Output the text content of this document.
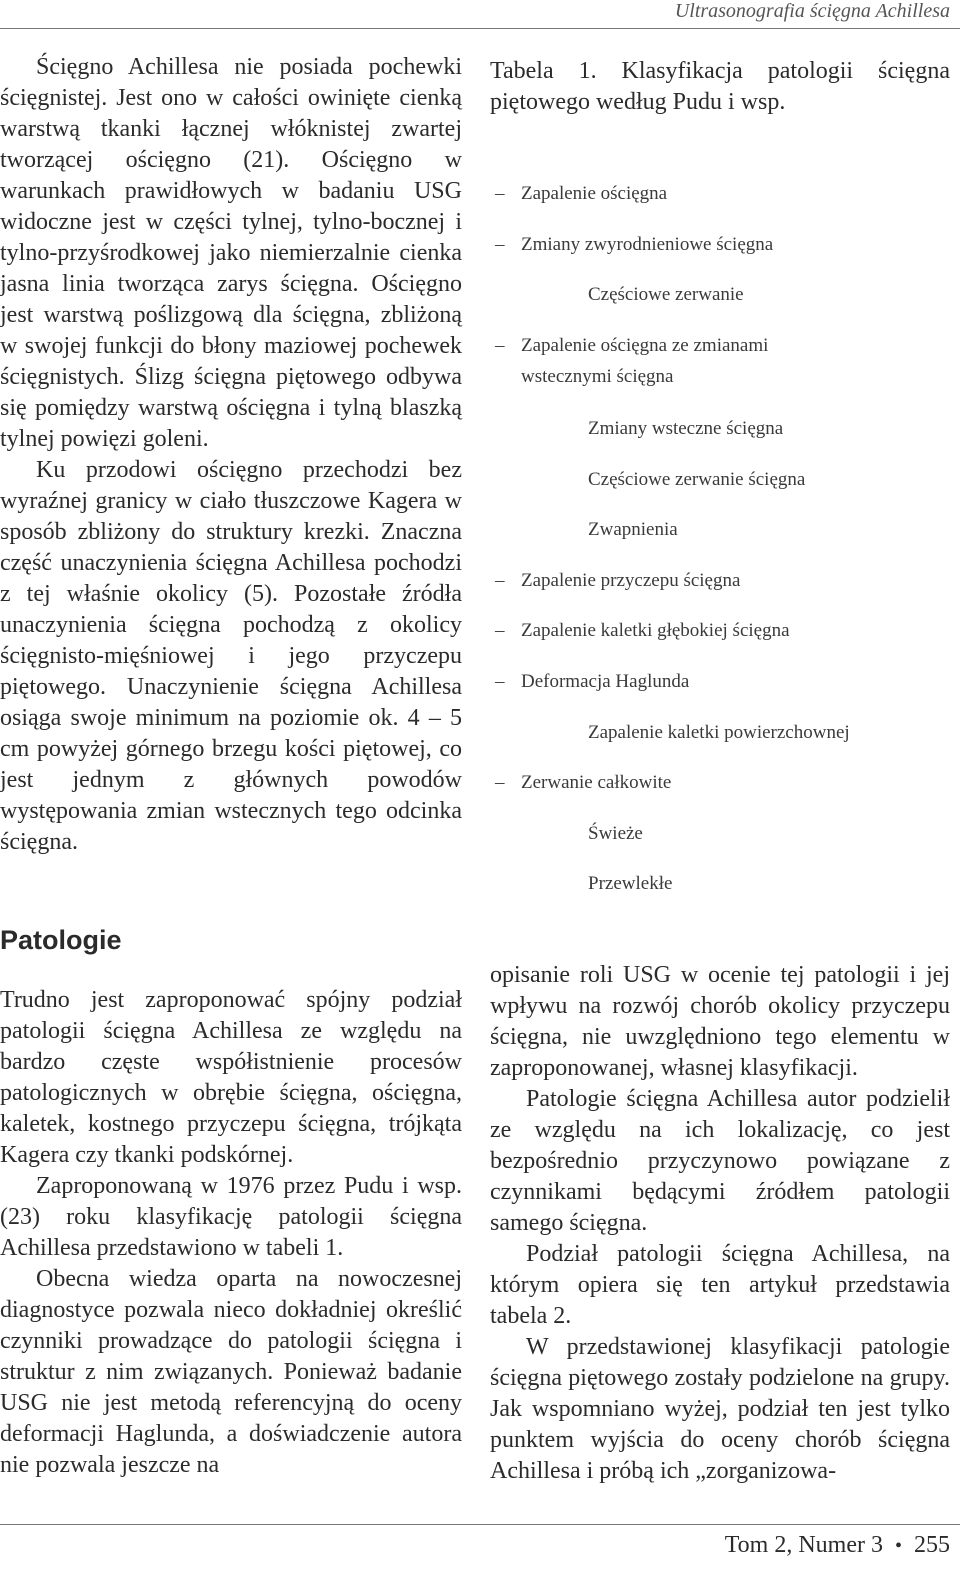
Ultrasonografia ścięgna Achillesa

Ścięgno Achillesa nie posiada pochewki ścięgnistej. Jest ono w całości owinięte cienką warstwą tkanki łącznej włóknistej zwartej tworzącej ościęgno (21). Ościęgno w warunkach prawidłowych w badaniu USG widoczne jest w części tylnej, tylno-bocznej i tylno-przyśrodkowej jako niemierzalnie cienka jasna linia tworząca zarys ścięgna. Ościęgno jest warstwą poślizgową dla ścięgna, zbliżoną w swojej funkcji do błony maziowej pochewek ścięgnistych. Ślizg ścięgna piętowego odbywa się pomiędzy warstwą ościęgna i tylną blaszką tylnej powięzi goleni.

Ku przodowi ościęgno przechodzi bez wyraźnej granicy w ciało tłuszczowe Kagera w sposób zbliżony do struktury krezki. Znaczna część unaczynienia ścięgna Achillesa pochodzi z tej właśnie okolicy (5). Pozostałe źródła unaczynienia ścięgna pochodzą z okolicy ścięgnisto-mięśniowej i jego przyczepu piętowego. Unaczynienie ścięgna Achillesa osiąga swoje minimum na poziomie ok. 4 – 5 cm powyżej górnego brzegu kości piętowej, co jest jednym z głównych powodów występowania zmian wstecznych tego odcinka ścięgna.

Tabela 1. Klasyfikacja patologii ścięgna piętowego według Pudu i wsp.
– Zapalenie ościęgna
– Zmiany zwyrodnieniowe ścięgna
Częściowe zerwanie
– Zapalenie ościęgna ze zmianami
wstecznymi ścięgna
Zmiany wsteczne ścięgna
Częściowe zerwanie ścięgna
Zwapnienia
– Zapalenie przyczepu ścięgna
– Zapalenie kaletki głębokiej ścięgna
– Deformacja Haglunda
Zapalenie kaletki powierzchownej
– Zerwanie całkowite
Świeże
Przewlekłe
Patologie

Trudno jest zaproponować spójny podział patologii ścięgna Achillesa ze względu na bardzo częste współistnienie procesów patologicznych w obrębie ścięgna, ościęgna, kaletek, kostnego przyczepu ścięgna, trójkąta Kagera czy tkanki podskórnej.

Zaproponowaną w 1976 przez Pudu i wsp. (23) roku klasyfikację patologii ścięgna Achillesa przedstawiono w tabeli 1.

Obecna wiedza oparta na nowoczesnej diagnostyce pozwala nieco dokładniej określić czynniki prowadzące do patologii ścięgna i struktur z nim związanych. Ponieważ badanie USG nie jest metodą referencyjną do oceny deformacji Haglunda, a doświadczenie autora nie pozwala jeszcze na

opisanie roli USG w ocenie tej patologii i jej wpływu na rozwój chorób okolicy przyczepu ścięgna, nie uwzględniono tego elementu w zaproponowanej, własnej klasyfikacji.

Patologie ścięgna Achillesa autor podzielił ze względu na ich lokalizację, co jest bezpośrednio przyczynowo powiązane z czynnikami będącymi źródłem patologii samego ścięgna.

Podział patologii ścięgna Achillesa, na którym opiera się ten artykuł przedstawia tabela 2.

W przedstawionej klasyfikacji patologie ścięgna piętowego zostały podzielone na grupy. Jak wspomniano wyżej, podział ten jest tylko punktem wyjścia do oceny chorób ścięgna Achillesa i próbą ich „zorganizowa-

Tom 2, Numer 3 • 255
